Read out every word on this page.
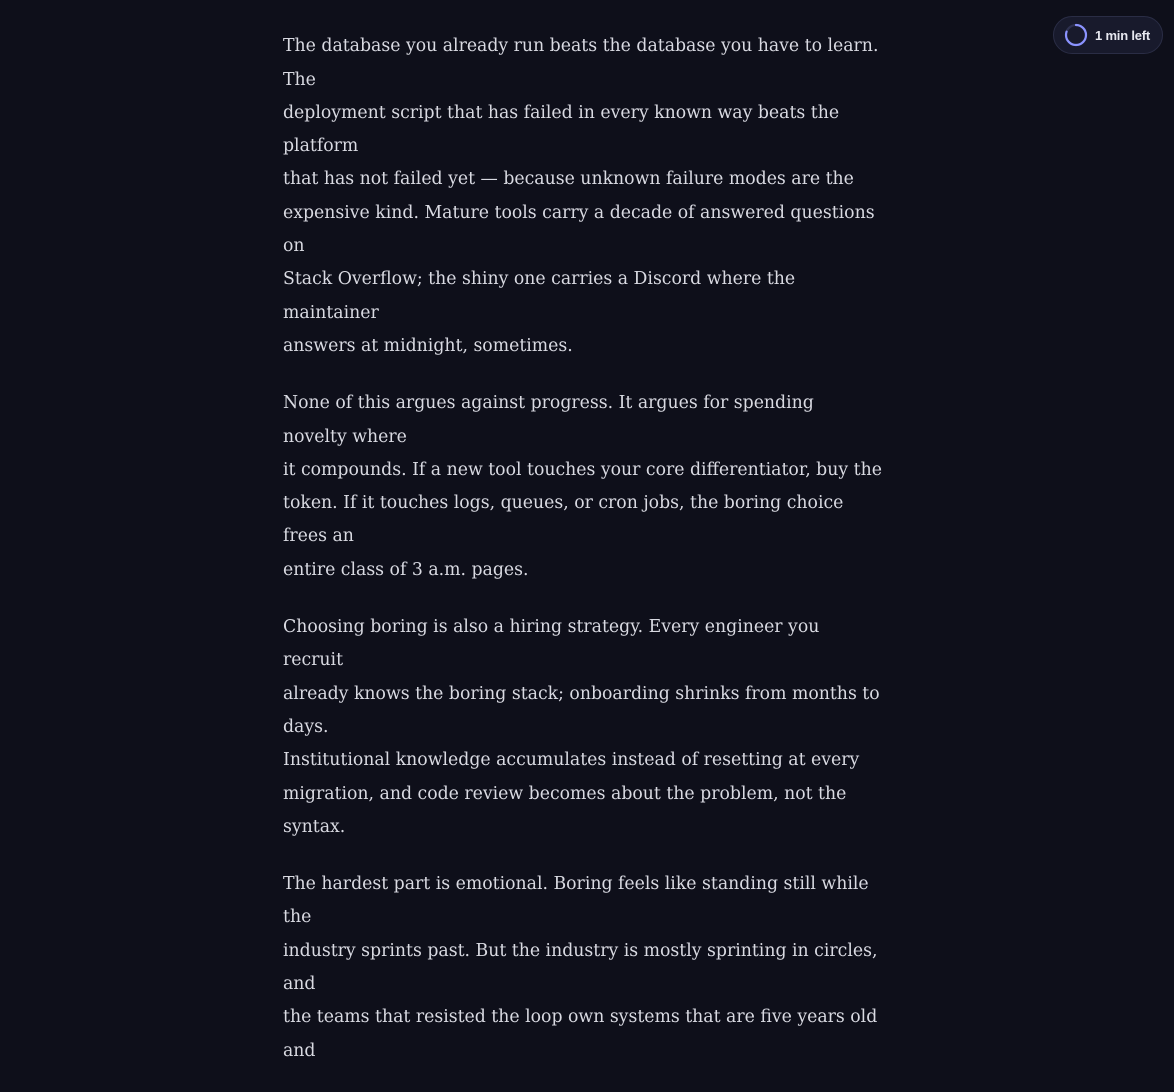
The database you already run beats the database you have to learn. The
deployment script that has failed in every known way beats the platform
that has not failed yet — because unknown failure modes are the
expensive kind. Mature tools carry a decade of answered questions on
Stack Overflow; the shiny one carries a Discord where the maintainer
answers at midnight, sometimes.

None of this argues against progress. It argues for spending novelty where
it compounds. If a new tool touches your core differentiator, buy the
token. If it touches logs, queues, or cron jobs, the boring choice frees an
entire class of 3 a.m. pages.

Choosing boring is also a hiring strategy. Every engineer you recruit
already knows the boring stack; onboarding shrinks from months to days.
Institutional knowledge accumulates instead of resetting at every
migration, and code review becomes about the problem, not the syntax.

The hardest part is emotional. Boring feels like standing still while the
industry sprints past. But the industry is mostly sprinting in circles, and
the teams that resisted the loop own systems that are five years old and

1 min left
